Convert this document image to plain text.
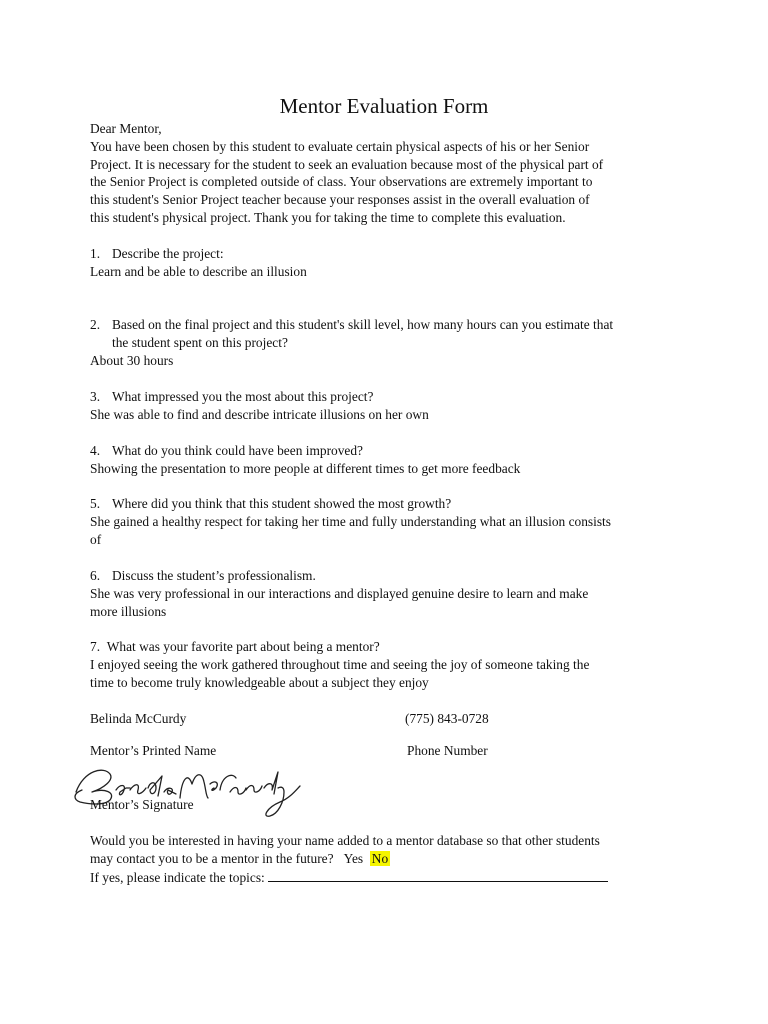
Mentor Evaluation Form
Dear Mentor,
You have been chosen by this student to evaluate certain physical aspects of his or her Senior
Project. It is necessary for the student to seek an evaluation because most of the physical part of
the Senior Project is completed outside of class. Your observations are extremely important to
this student's Senior Project teacher because your responses assist in the overall evaluation of
this student's physical project. Thank you for taking the time to complete this evaluation.
1. Describe the project:
Learn and be able to describe an illusion
2. Based on the final project and this student's skill level, how many hours can you estimate that
the student spent on this project?
About 30 hours
3. What impressed you the most about this project?
She was able to find and describe intricate illusions on her own
4. What do you think could have been improved?
Showing the presentation to more people at different times to get more feedback
5. Where did you think that this student showed the most growth?
She gained a healthy respect for taking her time and fully understanding what an illusion consists
of
6. Discuss the student’s professionalism.
She was very professional in our interactions and displayed genuine desire to learn and make
more illusions
7. What was your favorite part about being a mentor?
I enjoyed seeing the work gathered throughout time and seeing the joy of someone taking the
time to become truly knowledgeable about a subject they enjoy
Belinda McCurdy	(775) 843-0728
Mentor’s Printed Name	Phone Number
Mentor’s Signature
Would you be interested in having your name added to a mentor database so that other students
may contact you to be a mentor in the future? Yes No
If yes, please indicate the topics:
